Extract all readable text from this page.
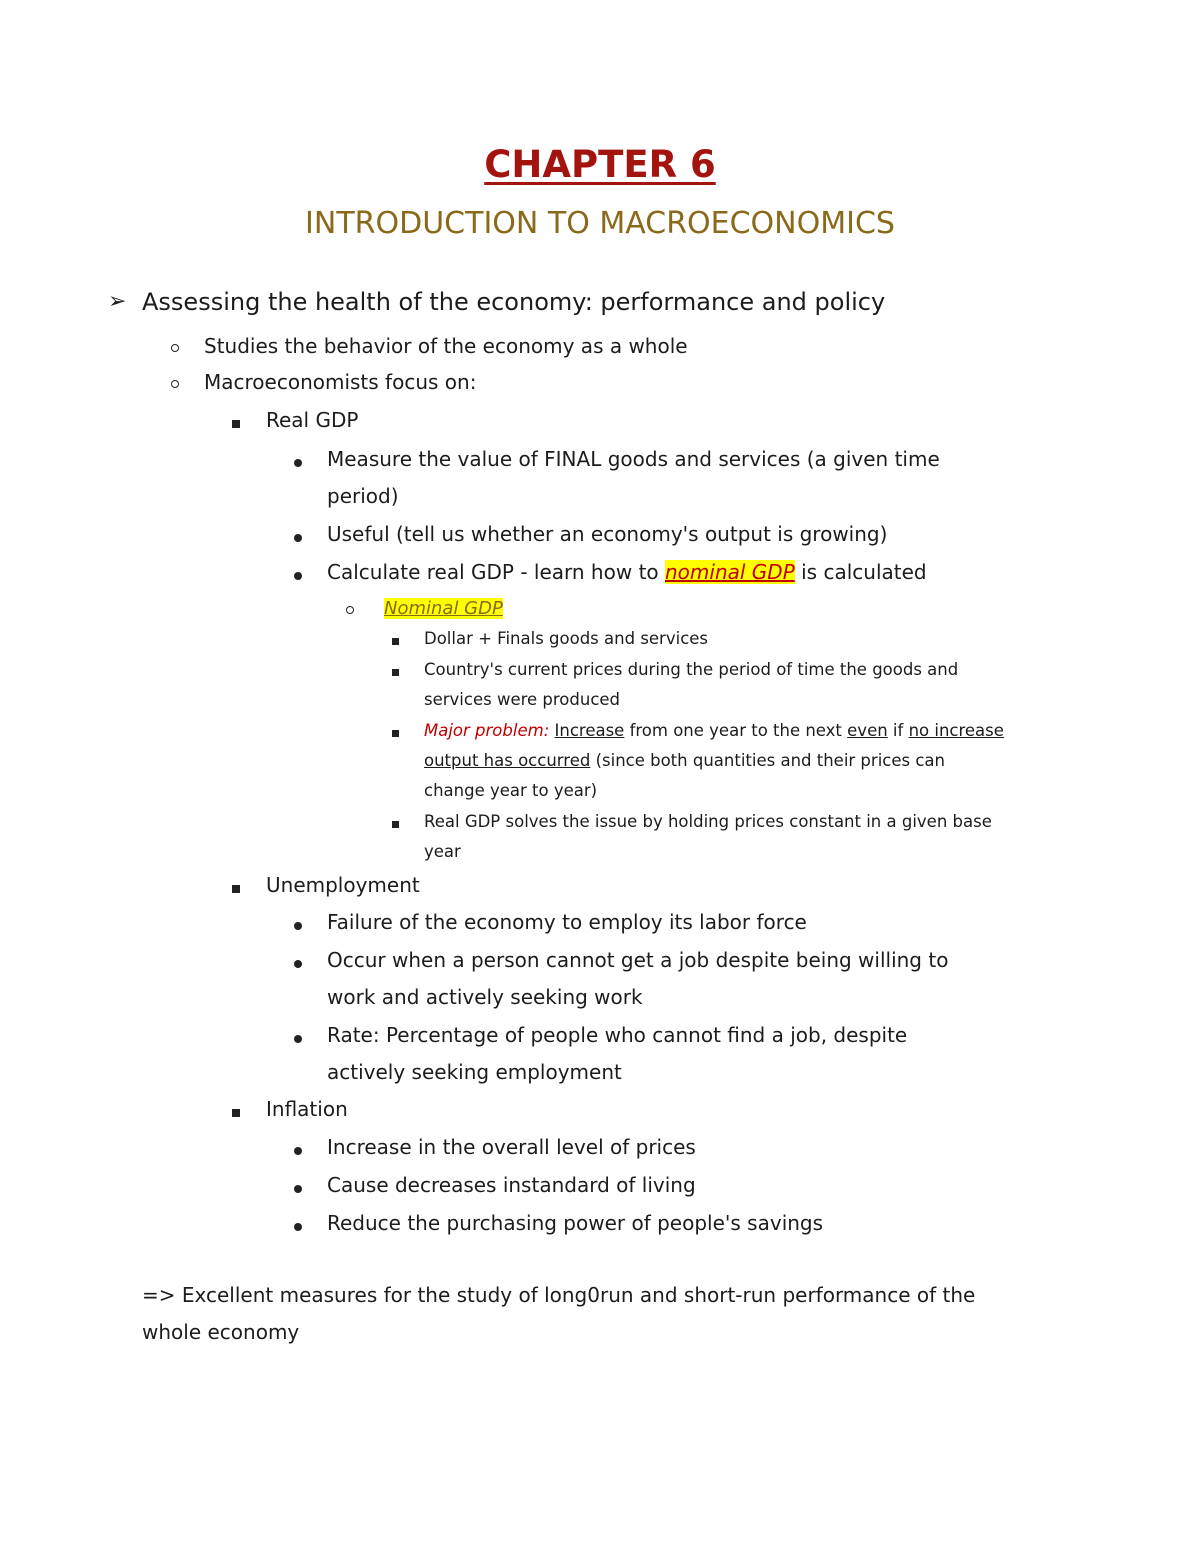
CHAPTER 6
INTRODUCTION TO MACROECONOMICS
➢ Assessing the health of the economy: performance and policy
Studies the behavior of the economy as a whole
Macroeconomists focus on:
Real GDP
Measure the value of FINAL goods and services (a given time
period)
Useful (tell us whether an economy's output is growing)
Calculate real GDP - learn how to nominal GDP is calculated
Nominal GDP
Dollar + Finals goods and services
Country's current prices during the period of time the goods and
services were produced
Major problem: Increase from one year to the next even if no increase
output has occurred (since both quantities and their prices can
change year to year)
Real GDP solves the issue by holding prices constant in a given base
year
Unemployment
Failure of the economy to employ its labor force
Occur when a person cannot get a job despite being willing to
work and actively seeking work
Rate: Percentage of people who cannot find a job, despite
actively seeking employment
Inflation
Increase in the overall level of prices
Cause decreases instandard of living
Reduce the purchasing power of people's savings
=> Excellent measures for the study of long0run and short-run performance of the
whole economy
